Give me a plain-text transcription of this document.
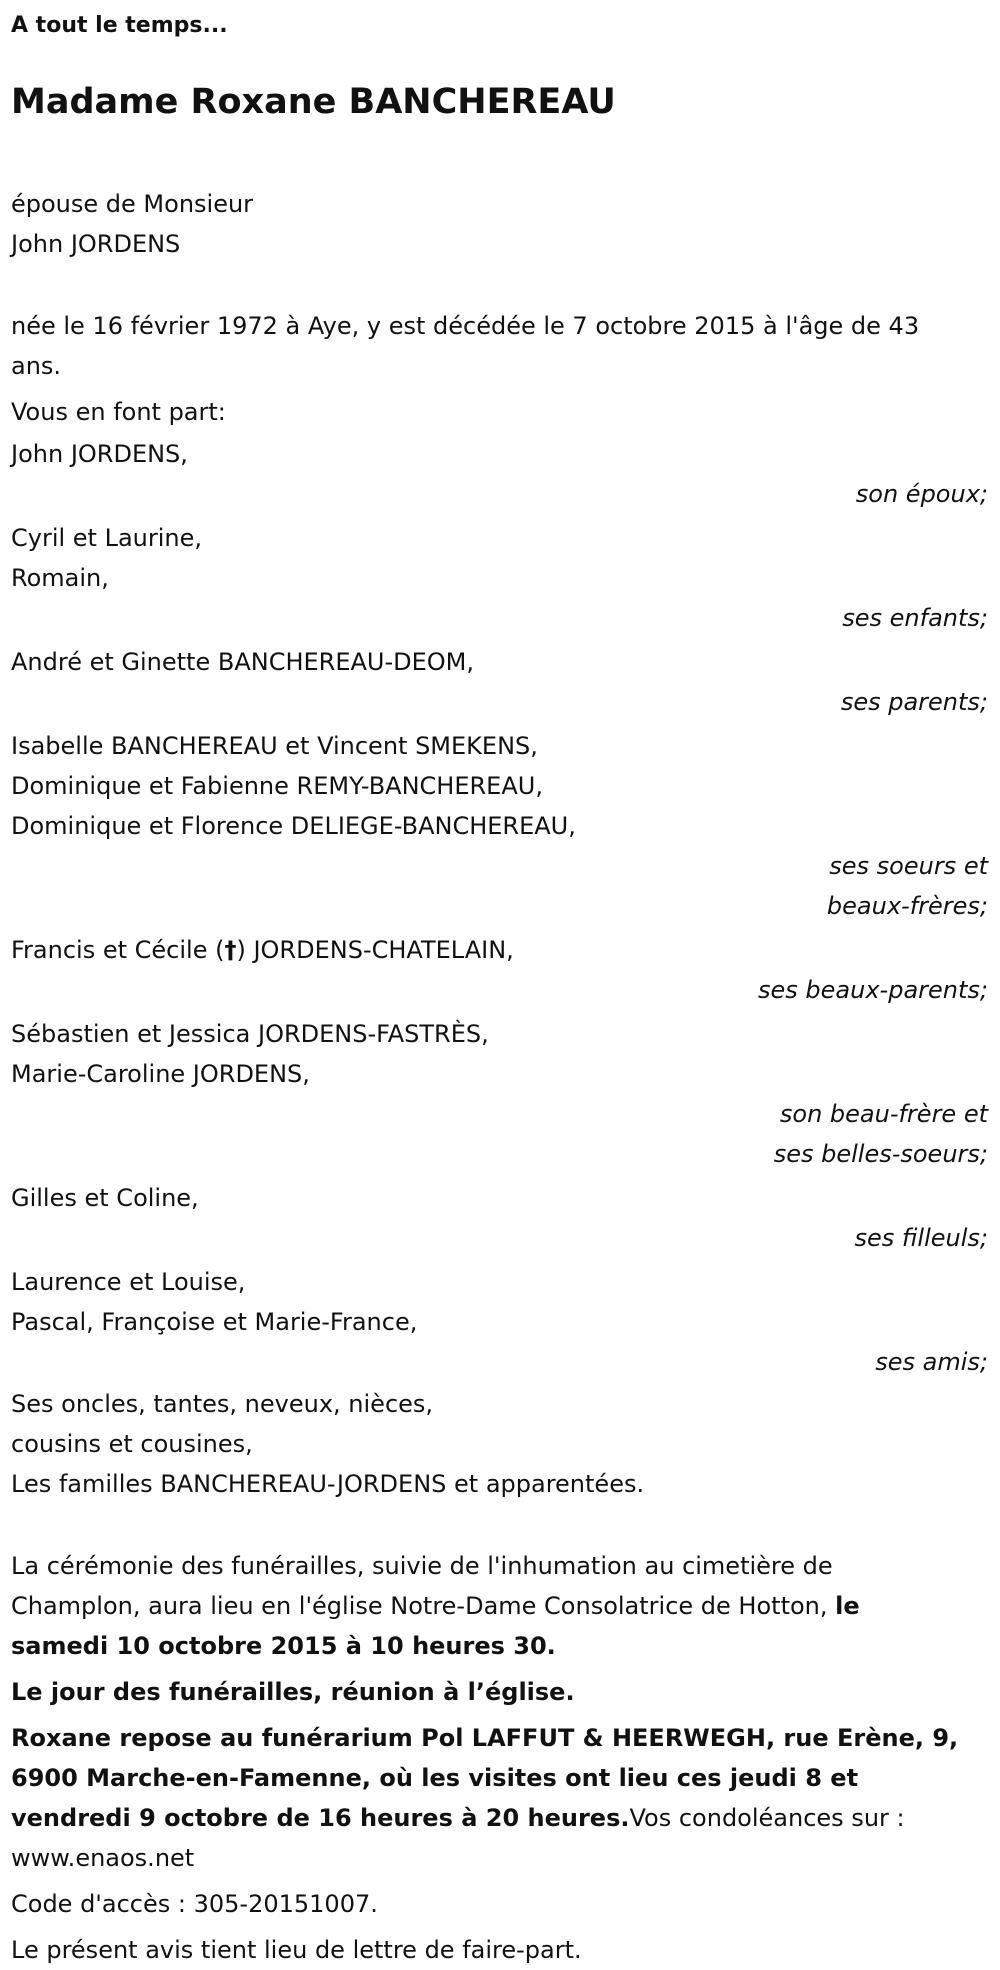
A tout le temps...

Madame Roxane BANCHEREAU

épouse de Monsieur
John JORDENS

née le 16 février 1972 à Aye, y est décédée le 7 octobre 2015 à l'âge de 43
ans.

Vous en font part:

John JORDENS,

son époux;

Cyril et Laurine,
Romain,

ses enfants;

André et Ginette BANCHEREAU-DEOM,

ses parents;

Isabelle BANCHEREAU et Vincent SMEKENS,
Dominique et Fabienne REMY-BANCHEREAU,
Dominique et Florence DELIEGE-BANCHEREAU,

ses soeurs et
beaux-frères;

Francis et Cécile (†) JORDENS-CHATELAIN,

ses beaux-parents;

Sébastien et Jessica JORDENS-FASTRÈS,
Marie-Caroline JORDENS,

son beau-frère et
ses belles-soeurs;

Gilles et Coline,

ses filleuls;

Laurence et Louise,
Pascal, Françoise et Marie-France,

ses amis;

Ses oncles, tantes, neveux, nièces,
cousins et cousines,
Les familles BANCHEREAU-JORDENS et apparentées.

La cérémonie des funérailles, suivie de l'inhumation au cimetière de
Champlon, aura lieu en l'église Notre-Dame Consolatrice de Hotton, le
samedi 10 octobre 2015 à 10 heures 30.

Le jour des funérailles, réunion à l’église.

Roxane repose au funérarium Pol LAFFUT & HEERWEGH, rue Erène, 9,
6900 Marche-en-Famenne, où les visites ont lieu ces jeudi 8 et
vendredi 9 octobre de 16 heures à 20 heures.Vos condoléances sur :
www.enaos.net

Code d'accès : 305-20151007.

Le présent avis tient lieu de lettre de faire-part.
